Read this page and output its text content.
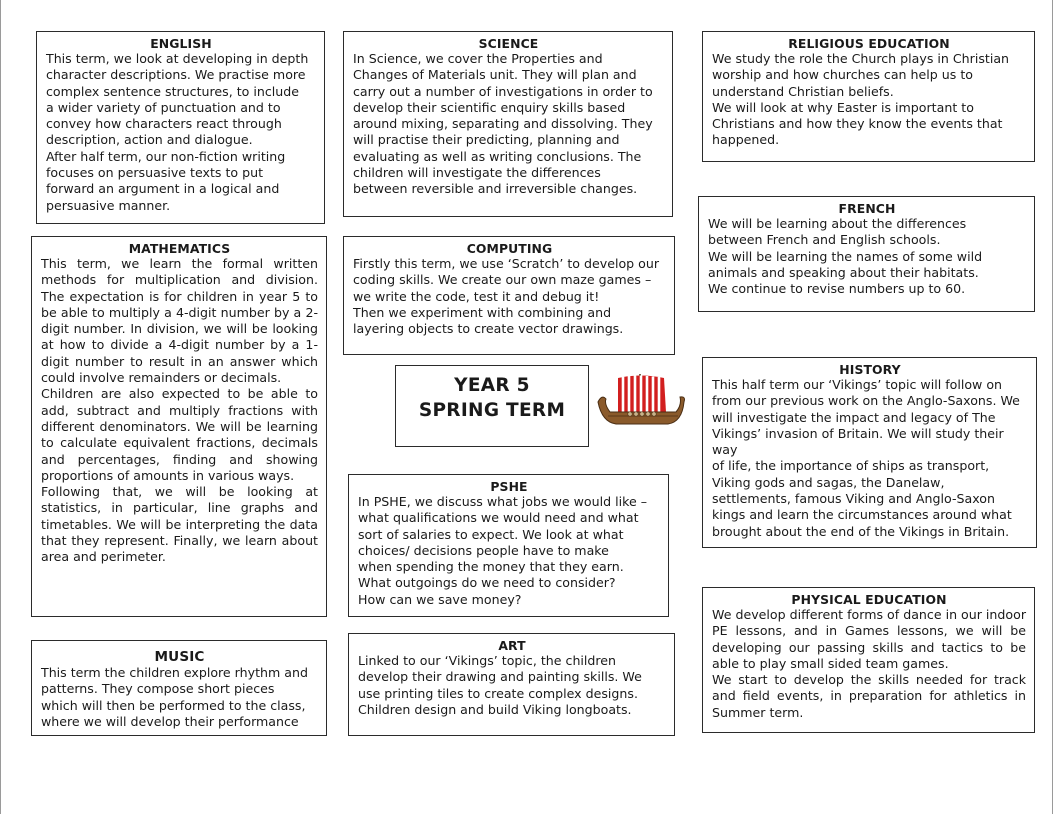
ENGLISH

This term, we look at developing in depth
character descriptions. We practise more
complex sentence structures, to include
a wider variety of punctuation and to
convey how characters react through
description, action and dialogue.
After half term, our non-fiction writing
focuses on persuasive texts to put
forward an argument in a logical and
persuasive manner.

SCIENCE

In Science, we cover the Properties and
Changes of Materials unit. They will plan and
carry out a number of investigations in order to
develop their scientific enquiry skills based
around mixing, separating and dissolving. They
will practise their predicting, planning and
evaluating as well as writing conclusions. The
children will investigate the differences
between reversible and irreversible changes.

RELIGIOUS EDUCATION

We study the role the Church plays in Christian
worship and how churches can help us to
understand Christian beliefs.
We will look at why Easter is important to
Christians and how they know the events that
happened.

FRENCH

We will be learning about the differences
between French and English schools.
We will be learning the names of some wild
animals and speaking about their habitats.
We continue to revise numbers up to 60.

MATHEMATICS

This term, we learn the formal written methods for multiplication and division. The expectation is for children in year 5 to be able to multiply a 4-digit number by a 2-digit number. In division, we will be looking at how to divide a 4-digit number by a 1-digit number to result in an answer which could involve remainders or decimals.
Children are also expected to be able to add, subtract and multiply fractions with different denominators. We will be learning to calculate equivalent fractions, decimals and percentages, finding and showing proportions of amounts in various ways.
Following that, we will be looking at statistics, in particular, line graphs and timetables. We will be interpreting the data that they represent. Finally, we learn about area and perimeter.

COMPUTING

Firstly this term, we use ‘Scratch’ to develop our
coding skills. We create our own maze games –
we write the code, test it and debug it!
Then we experiment with combining and
layering objects to create vector drawings.

YEAR 5
SPRING TERM
HISTORY

This half term our ‘Vikings’ topic will follow on
from our previous work on the Anglo-Saxons. We
will investigate the impact and legacy of The
Vikings’ invasion of Britain. We will study their way
of life, the importance of ships as transport,
Viking gods and sagas, the Danelaw,
settlements, famous Viking and Anglo-Saxon
kings and learn the circumstances around what
brought about the end of the Vikings in Britain.

PSHE

In PSHE, we discuss what jobs we would like –
what qualifications we would need and what
sort of salaries to expect. We look at what
choices/ decisions people have to make
when spending the money that they earn.
What outgoings do we need to consider?
How can we save money?	PHYSICAL EDUCATION

We develop different forms of dance in our indoor PE lessons, and in Games lessons, we will be developing our passing skills and tactics to be able to play small sided team games.
We start to develop the skills needed for track and field events, in preparation for athletics in Summer term.

MUSIC

This term the children explore rhythm and
patterns. They compose short pieces
which will then be performed to the class,
where we will develop their performance

ART

Linked to our ‘Vikings’ topic, the children
develop their drawing and painting skills. We
use printing tiles to create complex designs.
Children design and build Viking longboats.
